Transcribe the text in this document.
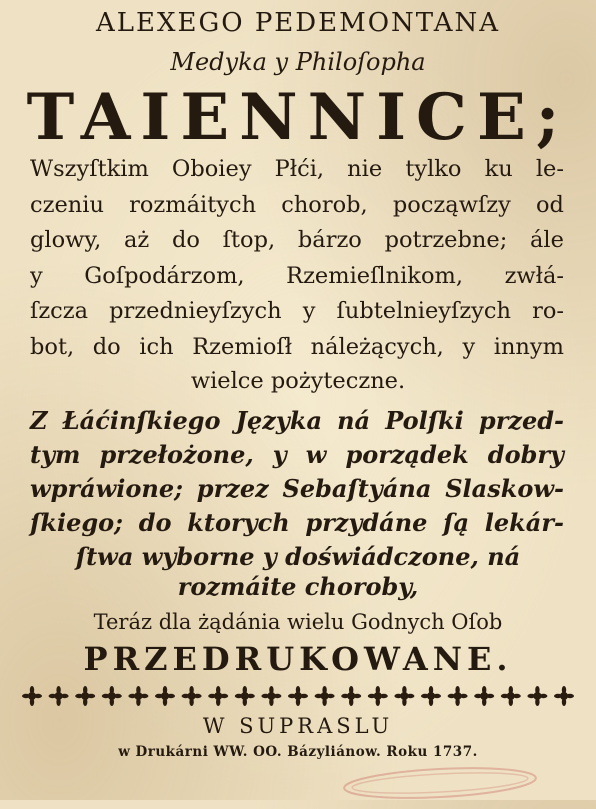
ALEXEGO PEDEMONTANA
Medyka y Philoſopha
TAIENNICE;
Wszyſtkim Oboiey Płći, nie tylko ku le-
czeniu rozmáitych chorob, począwſzy od
glowy, aż do ſtop, bárzo potrzebne; ále
y Goſpodárzom, Rzemieſlnikom, zwłá-
ſzcza przednieyſzych y ſubtelnieyſzych ro-
bot, do ich Rzemioſł náleżących, y innym
wielce pożyteczne.
Z Łáćinſkiego Języka ná Polſki przed-
tym przełożone, y w porządek dobry
wpráwione; przez Sebaſtyána Slaskow-
ſkiego; do ktorych przydáne ſą lekár-
ſtwa wyborne y doświádczone, ná
rozmáite choroby,
Teráz dla żądánia wielu Godnych Oſob
PRZEDRUKOWANE.
W SUPRASLU
w Drukárni WW. OO. Bázyliánow. Roku 1737.
